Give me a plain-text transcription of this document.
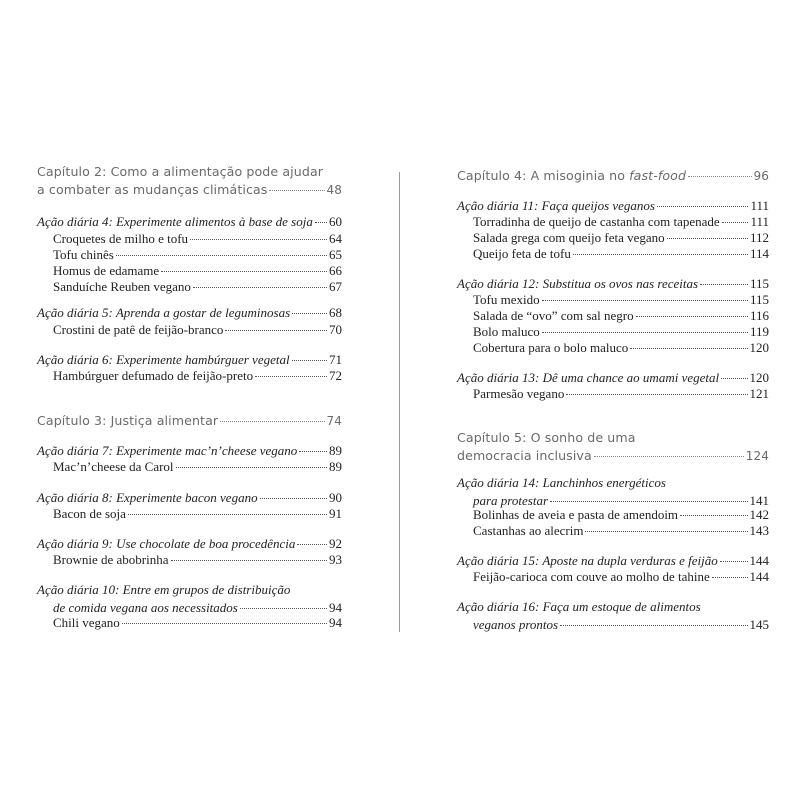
Capítulo 2: Como a alimentação pode ajudar
a combater as mudanças climáticas	48
Ação diária 4: Experimente alimentos à base de soja 60
Croquetes de milho e tofu	64
Tofu chinês	65
Homus de edamame	66
Sanduíche Reuben vegano	67
Ação diária 5: Aprenda a gostar de leguminosas	68
Crostini de patê de feijão-branco	70
Ação diária 6: Experimente hambúrguer vegetal	71
Hambúrguer defumado de feijão-preto	72
Capítulo 3: Justiça alimentar	74
Ação diária 7: Experimente mac’n’cheese vegano 89
Mac’n’cheese da Carol	89
Ação diária 8: Experimente bacon vegano	90
Bacon de soja	91
Ação diária 9: Use chocolate de boa procedência	92
Brownie de abobrinha	93
Ação diária 10: Entre em grupos de distribuição
de comida vegana aos necessitados	94
Chili vegano	94
Capítulo 4: A misoginia no fast-food	96
Ação diária 11: Faça queijos veganos	111
Torradinha de queijo de castanha com tapenade 111
Salada grega com queijo feta vegano	112
Queijo feta de tofu	114
Ação diária 12: Substitua os ovos nas receitas	115
Tofu mexido	115
Salada de “ovo” com sal negro	116
Bolo maluco	119
Cobertura para o bolo maluco	120
Ação diária 13: Dê uma chance ao umami vegetal 120
Parmesão vegano	121
Capítulo 5: O sonho de uma
democracia inclusiva	124
Ação diária 14: Lanchinhos energéticos
para protestar	141
Bolinhas de aveia e pasta de amendoim	142
Castanhas ao alecrim	143
Ação diária 15: Aposte na dupla verduras e feijão 144
Feijão-carioca com couve ao molho de tahine	144
Ação diária 16: Faça um estoque de alimentos
veganos prontos	145
